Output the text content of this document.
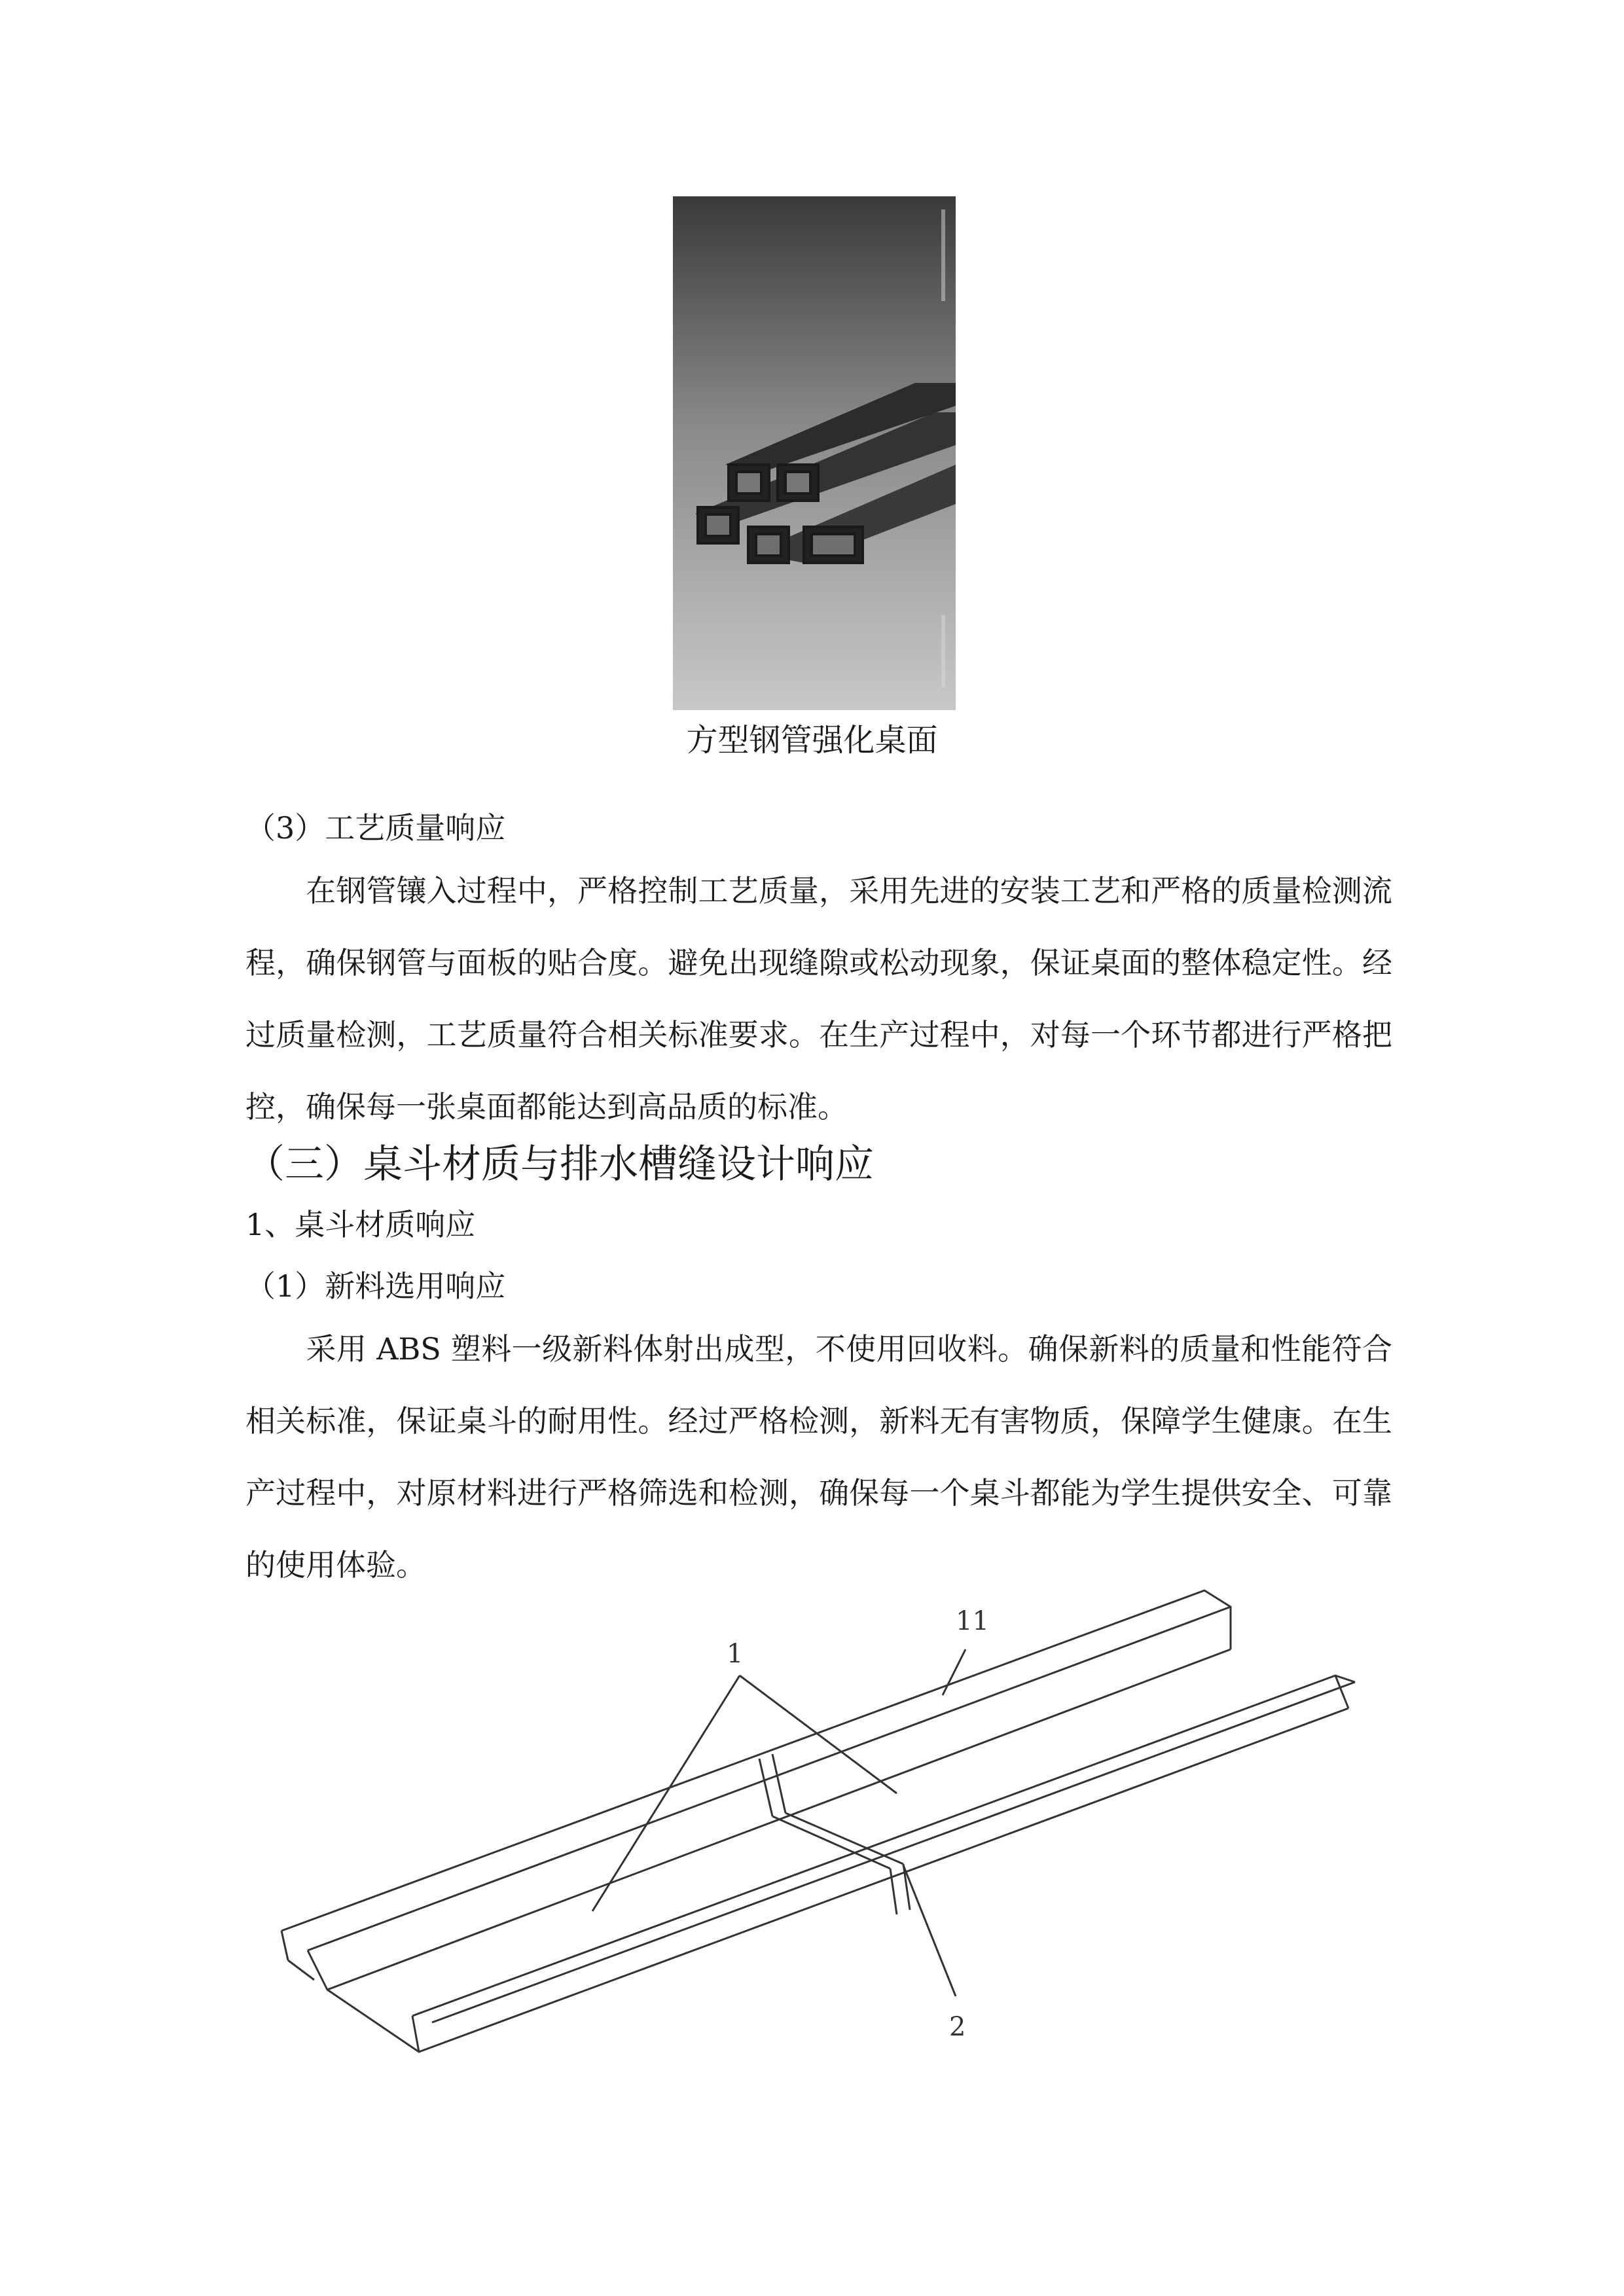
方型钢管强化桌面
（3）工艺质量响应
在钢管镶入过程中，严格控制工艺质量，采用先进的安装工艺和严格的质量检测流程，确保钢管与面板的贴合度。避免出现缝隙或松动现象，保证桌面的整体稳定性。经过质量检测，工艺质量符合相关标准要求。在生产过程中，对每一个环节都进行严格把控，确保每一张桌面都能达到高品质的标准。
（三）桌斗材质与排水槽缝设计响应
1、桌斗材质响应
（1）新料选用响应
采用 ABS 塑料一级新料体射出成型，不使用回收料。确保新料的质量和性能符合相关标准，保证桌斗的耐用性。经过严格检测，新料无有害物质，保障学生健康。在生产过程中，对原材料进行严格筛选和检测，确保每一个桌斗都能为学生提供安全、可靠的使用体验。
1
11
2
